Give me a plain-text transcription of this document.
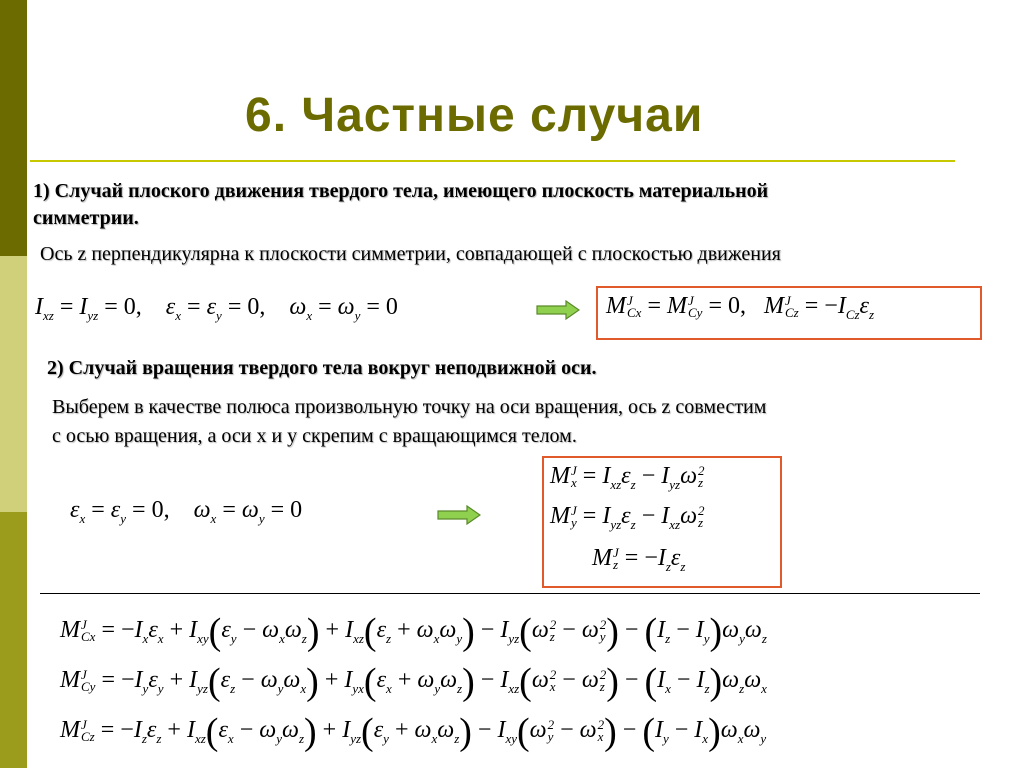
6. Частные случаи
1) Случай плоского движения твердого тела, имеющего плоскость материальной
симметрии.
Ось z перпендикулярна к плоскости симметрии, совпадающей с плоскостью движения
$I_{xz} = I_{yz} = 0$,    $\varepsilon_x = \varepsilon_y = 0$,    $\omega_x = \omega_y = 0$	M J
Cx = M J
Cy = 0,   M J
$Cz = -I_{Cz}\varepsilon_z$
2) Случай вращения твердого тела вокруг неподвижной оси.
Выберем в качестве полюса произвольную точку на оси вращения, ось z совместим
с осью вращения, а оси x и y скрепим с вращающимся телом.
$\varepsilon_x = \varepsilon_y = 0$,    $\omega_x = \omega_y = 0$
M J
$x = I_{xz}\varepsilon_z - I_{yz}\omega$ 2
z
M J
$y = I_{yz}\varepsilon_z - I_{xz}\omega$ 2
z
M J
$z = -I_z\varepsilon_z$
M J
$Cx = -I_x\varepsilon_x + I_{xy}(\varepsilon_y - \omega_x\omega_z) + I_{xz}(\varepsilon_z + \omega_x\omega_y) - I_{yz}(\omega$ 2
z − ω 2
y ) − $(I_z - I_y)\omega_y\omega_z$
M J
$Cy = -I_y\varepsilon_y + I_{yz}(\varepsilon_z - \omega_y\omega_x) + I_{yx}(\varepsilon_x + \omega_y\omega_z) - I_{xz}(\omega$ 2
x − ω 2
z ) − $(I_x - I_z)\omega_z\omega_x$
M J
$Cz = -I_z\varepsilon_z + I_{xz}(\varepsilon_x - \omega_y\omega_z) + I_{yz}(\varepsilon_y + \omega_x\omega_z) - I_{xy}(\omega$ 2
y − ω 2
x ) − $(I_y - I_x)\omega_x\omega_y$
